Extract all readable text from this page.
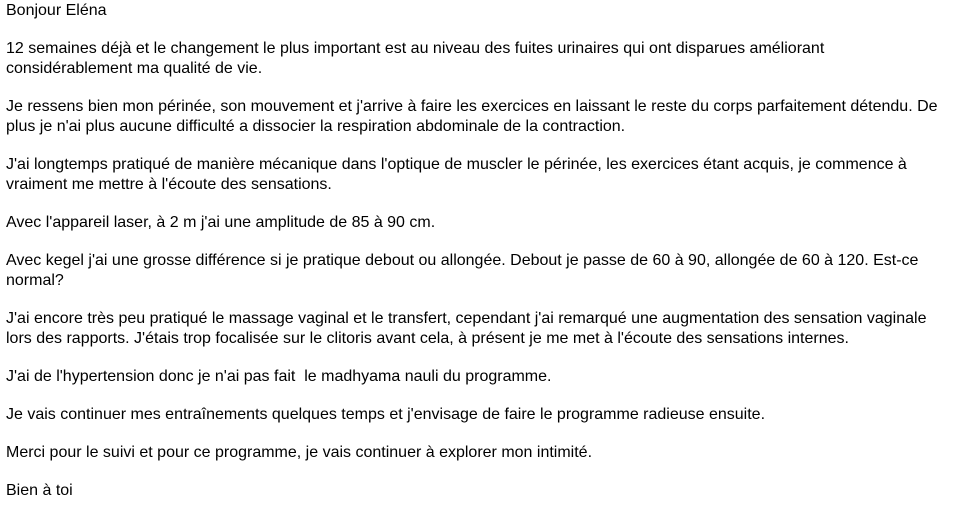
Bonjour Eléna

12 semaines déjà et le changement le plus important est au niveau des fuites urinaires qui ont disparues améliorant considérablement ma qualité de vie.

Je ressens bien mon périnée, son mouvement et j'arrive à faire les exercices en laissant le reste du corps parfaitement détendu. De plus je n'ai plus aucune difficulté a dissocier la respiration abdominale de la contraction.

J'ai longtemps pratiqué de manière mécanique dans l'optique de muscler le périnée, les exercices étant acquis, je commence à vraiment me mettre à l'écoute des sensations.

Avec l'appareil laser, à 2 m j'ai une amplitude de 85 à 90 cm.

Avec kegel j'ai une grosse différence si je pratique debout ou allongée. Debout je passe de 60 à 90, allongée de 60 à 120. Est-ce normal?

J'ai encore très peu pratiqué le massage vaginal et le transfert, cependant j'ai remarqué une augmentation des sensation vaginale lors des rapports. J'étais trop focalisée sur le clitoris avant cela, à présent je me met à l'écoute des sensations internes.

J'ai de l'hypertension donc je n'ai pas fait  le madhyama nauli du programme.

Je vais continuer mes entraînements quelques temps et j'envisage de faire le programme radieuse ensuite.

Merci pour le suivi et pour ce programme, je vais continuer à explorer mon intimité.

Bien à toi
